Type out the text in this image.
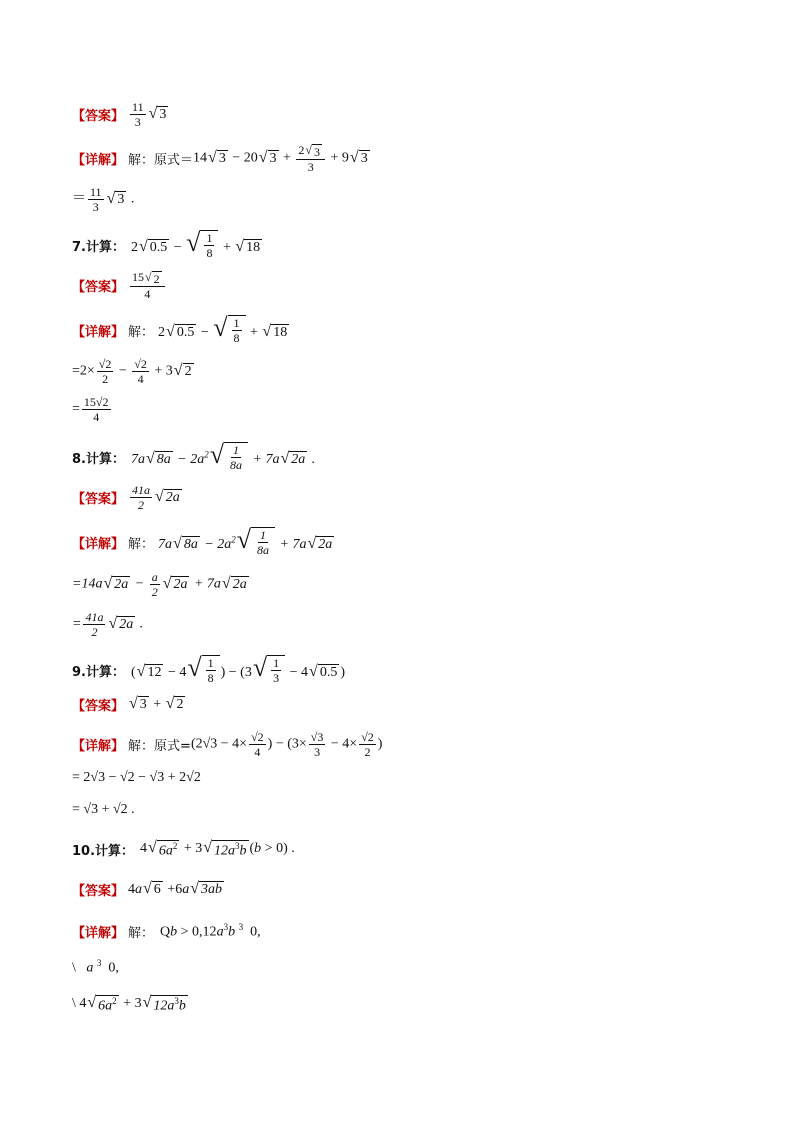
【答案】 $\frac{11}{3}$ √ 3
【详解】 解： 原式＝ 14 √ 3 − 20 √ $3 + \frac{2 √ 3}{3} + 9$ √ 3
＝ $\frac{11}{3}$ √ 3 .
7.计算： 2 √ 0.5 − √ $\frac{1}{8}$ + √ 18
【答案】 $\frac{15 √ 2}{4}$
【详解】 解： 2 √ 0.5 − √ $\frac{1}{8}$ + √ 18
$=2\times \frac{√2}{2} - \frac{√2}{4} + 3$ √ 2
= $\frac{15√2}{4}$
8.计算： 7a √ $8a - 2a^2$ √ $\frac{1}{8a} + 7a$ √ 2a .
【答案】 $\frac{41a}{2}$ √ 2a
【详解】 解： 7a √ $8a - 2a^2$ √ $\frac{1}{8a} + 7a$ √ 2a
=14a √ $2a - \frac{a}{2}$ √ 2a + 7a √ 2a
= $\frac{41a}{2}$ √ 2a .
9.计算： ( √ 12 − 4 √ $\frac{1}{8}$ ) − (3 √ $\frac{1}{3} - 4$ √ 0.5 )
【答案】 √ 3 + √ 2
【详解】 解： 原式= ($2√3 - 4\times \frac{√2}{4}$ ) − ($3\times \frac{√3}{3} - 4\times \frac{√2}{2}$ )
= 2√3 − √2 − √3 + 2√2
= √3 + √2 .
10.计算： 4 √ $6a^2 + 3$ √ $12a^3b$ (b > 0) .
【答案】 4a √ 6 +6a √ 3ab
【详解】 解： $Qb > 0,12a^3b$ $^3$  0,
\   a $^3$  0,
\ 4 √ $6a^2 + 3$ √ $12a^3b$
